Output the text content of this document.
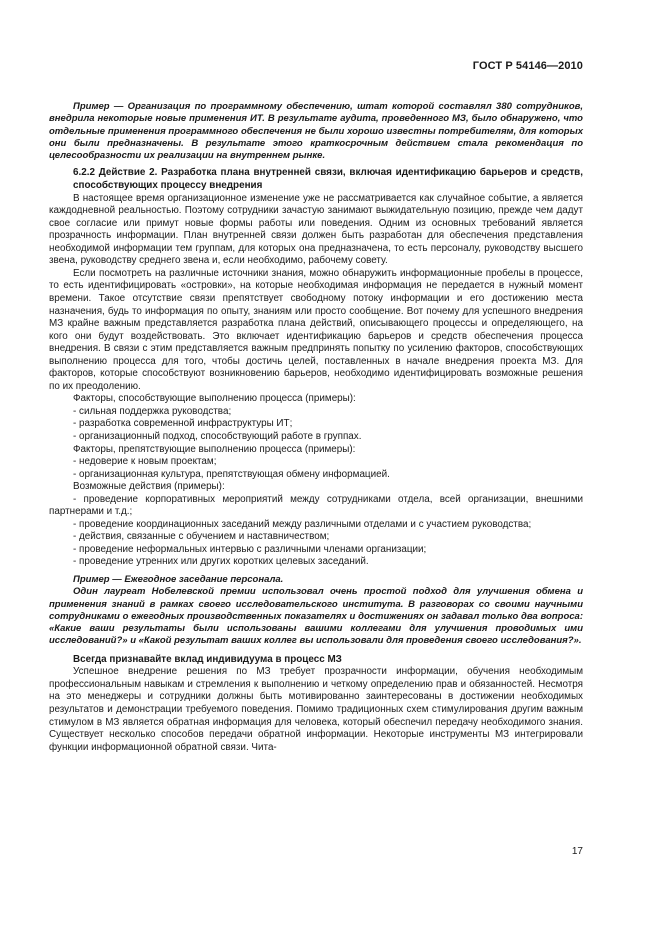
ГОСТ Р 54146—2010

Пример — Организация по программному обеспечению, штат которой составлял 380 сотрудников, внедрила некоторые новые применения ИТ. В результате аудита, проведенного МЗ, было обнаружено, что отдельные применения программного обеспечения не были хорошо известны потребителям, для которых они были предназначены. В результате этого краткосрочным действием стала рекомендация по целесообразности их реализации на внутреннем рынке.

6.2.2 Действие 2. Разработка плана внутренней связи, включая идентификацию барьеров и средств, способствующих процессу внедрения

В настоящее время организационное изменение уже не рассматривается как случайное событие, а является каждодневной реальностью. Поэтому сотрудники зачастую занимают выжидательную позицию, прежде чем дадут свое согласие или примут новые формы работы или поведения. Одним из основных требований является прозрачность информации. План внутренней связи должен быть разработан для обеспечения представления необходимой информации тем группам, для которых она предназначена, то есть персоналу, руководству высшего звена, руководству среднего звена и, если необходимо, рабочему совету.

Если посмотреть на различные источники знания, можно обнаружить информационные пробелы в процессе, то есть идентифицировать «островки», на которые необходимая информация не передается в нужный момент времени. Такое отсутствие связи препятствует свободному потоку информации и его достижению места назначения, будь то информация по опыту, знаниям или просто сообщение. Вот почему для успешного внедрения МЗ крайне важным представляется разработка плана действий, описывающего процессы и определяющего, на кого они будут воздействовать. Это включает идентификацию барьеров и средств обеспечения процесса внедрения. В связи с этим представляется важным предпринять попытку по усилению факторов, способствующих выполнению процесса для того, чтобы достичь целей, поставленных в начале внедрения проекта МЗ. Для факторов, которые способствуют возникновению барьеров, необходимо идентифицировать возможные решения по их преодолению.

Факторы, способствующие выполнению процесса (примеры):

- сильная поддержка руководства;

- разработка современной инфраструктуры ИТ;

- организационный подход, способствующий работе в группах.

Факторы, препятствующие выполнению процесса (примеры):

- недоверие к новым проектам;

- организационная культура, препятствующая обмену информацией.

Возможные действия (примеры):

- проведение корпоративных мероприятий между сотрудниками отдела, всей организации, внешними партнерами и т.д.;

- проведение координационных заседаний между различными отделами и с участием руководства;

- действия, связанные с обучением и наставничеством;

- проведение неформальных интервью с различными членами организации;

- проведение утренних или других коротких целевых заседаний.

Пример — Ежегодное заседание персонала.

Один лауреат Нобелевской премии использовал очень простой подход для улучшения обмена и применения знаний в рамках своего исследовательского института. В разговорах со своими научными сотрудниками о ежегодных производственных показателях и достижениях он задавал только два вопроса: «Какие ваши результаты были использованы вашими коллегами для улучшения проводимых ими исследований?» и «Какой результат ваших коллег вы использовали для проведения своего исследования?».

Всегда признавайте вклад индивидуума в процесс МЗ

Успешное внедрение решения по МЗ требует прозрачности информации, обучения необходимым профессиональным навыкам и стремления к выполнению и четкому определению прав и обязанностей. Несмотря на это менеджеры и сотрудники должны быть мотивированно заинтересованы в достижении необходимых результатов и демонстрации требуемого поведения. Помимо традиционных схем стимулирования другим важным стимулом в МЗ является обратная информация для человека, который обеспечил передачу необходимого знания. Существует несколько способов передачи обратной информации. Некоторые инструменты МЗ интегрировали функции информационной обратной связи. Чита-

17
